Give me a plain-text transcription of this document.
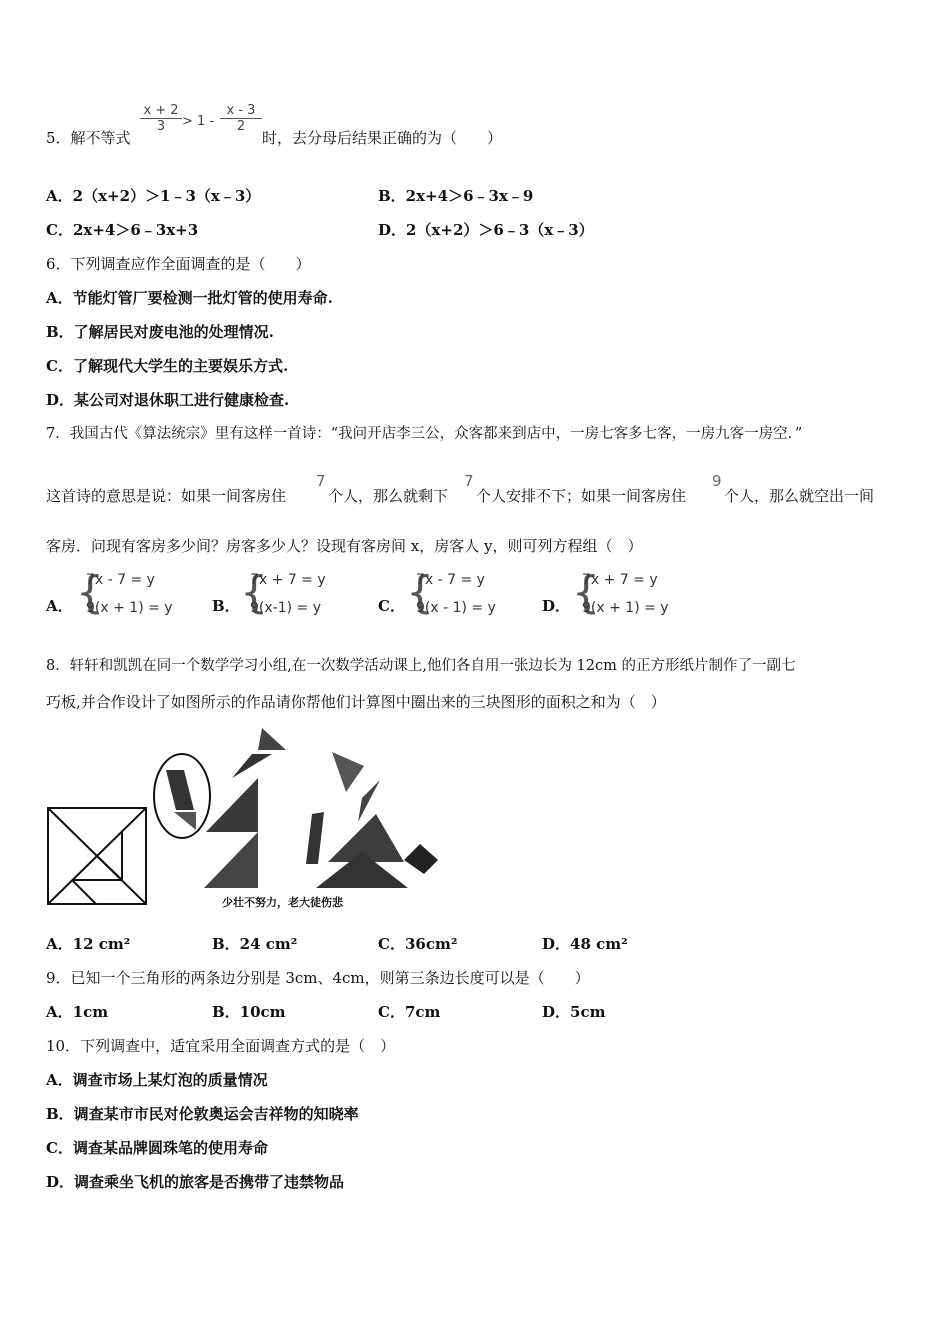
5．解不等式
$\frac{x + 2}{3} > 1 - \frac{x - 3}{2}$
时，去分母后结果正确的为（　　）
A．2（x+2）＞1﹣3（x﹣3）	B．2x+4＞6﹣3x﹣9
C．2x+4＞6﹣3x+3	D．2（x+2）＞6﹣3（x﹣3）
6．下列调查应作全面调查的是（　　）
A．节能灯管厂要检测一批灯管的使用寿命.
B．了解居民对废电池的处理情况.
C．了解现代大学生的主要娱乐方式.
D．某公司对退休职工进行健康检查.
7．我国古代《算法统宗》里有这样一首诗：“我问开店李三公，众客都来到店中，一房七客多七客，一房九客一房空．”
这首诗的意思是说：如果一间客房住
7
个人，那么就剩下
7
个人安排不下；如果一间客房住
9
个人，那么就空出一间
客房．问现有客房多少间？房客多少人？设现有客房间 x，房客人 y，则可列方程组（　）
A． {
7x - 7 = y
9(x + 1) = y	B． {
7x + 7 = y
9(x-1) = y	C． {
7x - 7 = y
9(x - 1) = y	D． {
7x + 7 = y
9(x + 1) = y
8．轩轩和凯凯在同一个数学学习小组,在一次数学活动课上,他们各自用一张边长为 12cm 的正方形纸片制作了一副七
巧板,并合作设计了如图所示的作品请你帮他们计算图中圈出来的三块图形的面积之和为（　）
少壮不努力，老大徒伤悲
A．12 cm²	B．24 cm²	C．36cm²	D．48 cm²
9．已知一个三角形的两条边分别是 3cm、4cm，则第三条边长度可以是（　　）
A．1cm	B．10cm	C．7cm	D．5cm
10．下列调查中，适宜采用全面调查方式的是（　）
A．调查市场上某灯泡的质量情况
B．调查某市市民对伦敦奥运会吉祥物的知晓率
C．调查某品牌圆珠笔的使用寿命
D．调查乘坐飞机的旅客是否携带了违禁物品
